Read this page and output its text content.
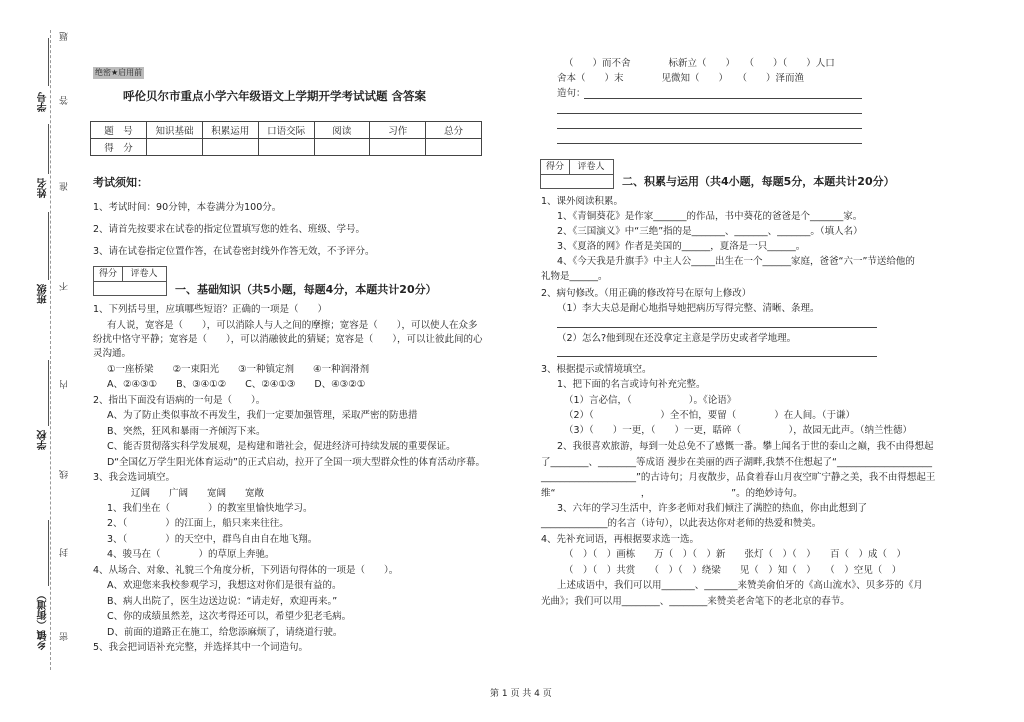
题
学号 答
姓名 准
班级 不
内
学校
线
封
乡镇（街道） 密
绝密★启用前
呼伦贝尔市重点小学六年级语文上学期开学考试试题 含答案
题　号	知识基础	积累运用	口语交际	阅读	习作	总分
得　分						
考试须知：
1、考试时间：90分钟，本卷满分为100分。
2、请首先按要求在试卷的指定位置填写您的姓名、班级、学号。
3、请在试卷指定位置作答，在试卷密封线外作答无效，不予评分。
得分	评卷人
一、基础知识（共5小题，每题4分，本题共计20分）
1、下列括号里，应填哪些短语？正确的一项是（　　）
有人说，宽容是（　　），可以消除人与人之间的摩擦；宽容是（　　），可以使人在众多
纷扰中恪守平静；宽容是（　　），可以消融彼此的猜疑；宽容是（　　），可以让彼此间的心
灵沟通。
①一座桥梁　　②一束阳光　　③一种镇定剂　　④一种润滑剂
A、②④③①　　B、③④①②　　C、②④①③　　D、④③②①
2、指出下面没有语病的一句是（　　）。
A、为了防止类似事故不再发生，我们一定要加强管理，采取严密的防患措
B、突然，狂风和暴雨一齐倾泻下来。
C、能否贯彻落实科学发展观，是构建和谐社会，促进经济可持续发展的重要保证。
D“全国亿万学生阳光体育运动”的正式启动，拉开了全国一项大型群众性的体育活动序幕。
3、我会选词填空。
辽阔　　广阔　　宽阔　　宽敞
1、我们坐在（　　　　）的教室里愉快地学习。
2、（　　　　）的江面上，船只来来往往。
3、（　　　　）的天空中，群鸟自由自在地飞翔。
4、骏马在（　　　　）的草原上奔驰。
4、从场合、对象、礼貌三个角度分析，下列语句得体的一项是（　　）。
A、欢迎您来我校参观学习，我想这对你们是很有益的。
B、病人出院了，医生边送边说：“请走好，欢迎再来。”
C、你的成绩虽然差，这次考得还可以，希望少犯老毛病。
D、前面的道路正在施工，给您添麻烦了，请绕道行驶。
5、我会把词语补充完整，并选择其中一个词造句。
（　　）而不舍　　　　标新立（　　）　　（　　）（　　）人口
舍本（　　）末　　　　见微知（　　）　　（　　）泽而渔
造句：
得分	评卷人
二、积累与运用（共4小题，每题5分，本题共计20分）
1、课外阅读积累。
1、《青铜葵花》是作家_______的作品，书中葵花的爸爸是个_______家。
2、《三国演义》中“三绝”指的是_______、_______、_______。（填人名）
3、《夏洛的网》作者是美国的______，夏洛是一只______。
4、《今天我是升旗手》中主人公_____出生在一个______家庭，爸爸“六一”节送给他的
礼物是______。
2、病句修改。（用正确的修改符号在原句上修改）
（1）李大夫总是耐心地指导她把病历写得完整、清晰、条理。
（2）怎么?他到现在还没拿定主意是学历史或者学地理。
3、根据提示或情境填空。
1、把下面的名言或诗句补充完整。
（1）言必信，（　　　　　　）。《论语》
（2）（　　　　　　　）全不怕，要留（　　　　）在人间。（于谦）
（3）（　　）一更，（　　）一更，聒碎（　　　　　），故园无此声。（纳兰性德）
2、我很喜欢旅游，每到一处总免不了感慨一番。攀上闻名于世的泰山之巅，我不由得想起
了________、________等成语 漫步在美丽的西子湖畔,我禁不住想起了“____________________
____________________”的古诗句；月夜散步，品食着春山月夜空旷宁静之美，我不由得想起王
维“　　　　　　　　　，　　　　　　　　　”。的绝妙诗句。
3、六年的学习生活中，许多老师对我们倾注了满腔的热血，你由此想到了
______________的名言（诗句），以此表达你对老师的热爱和赞美。
4、先补充词语，再根据要求选一选。
（　）（　）画栋　　万（　）（　）新　　张灯（　）（　）　　百（　）成（　）
（　）（　）共赏　　（　）（　）绕梁　　见（　）知（　）　　（　）空见（　）
上述成语中，我们可以用_______、_______来赞美俞伯牙的《高山流水》、贝多芬的《月
光曲》；我们可以用________、________来赞美老舍笔下的老北京的春节。
第 1 页 共 4 页
